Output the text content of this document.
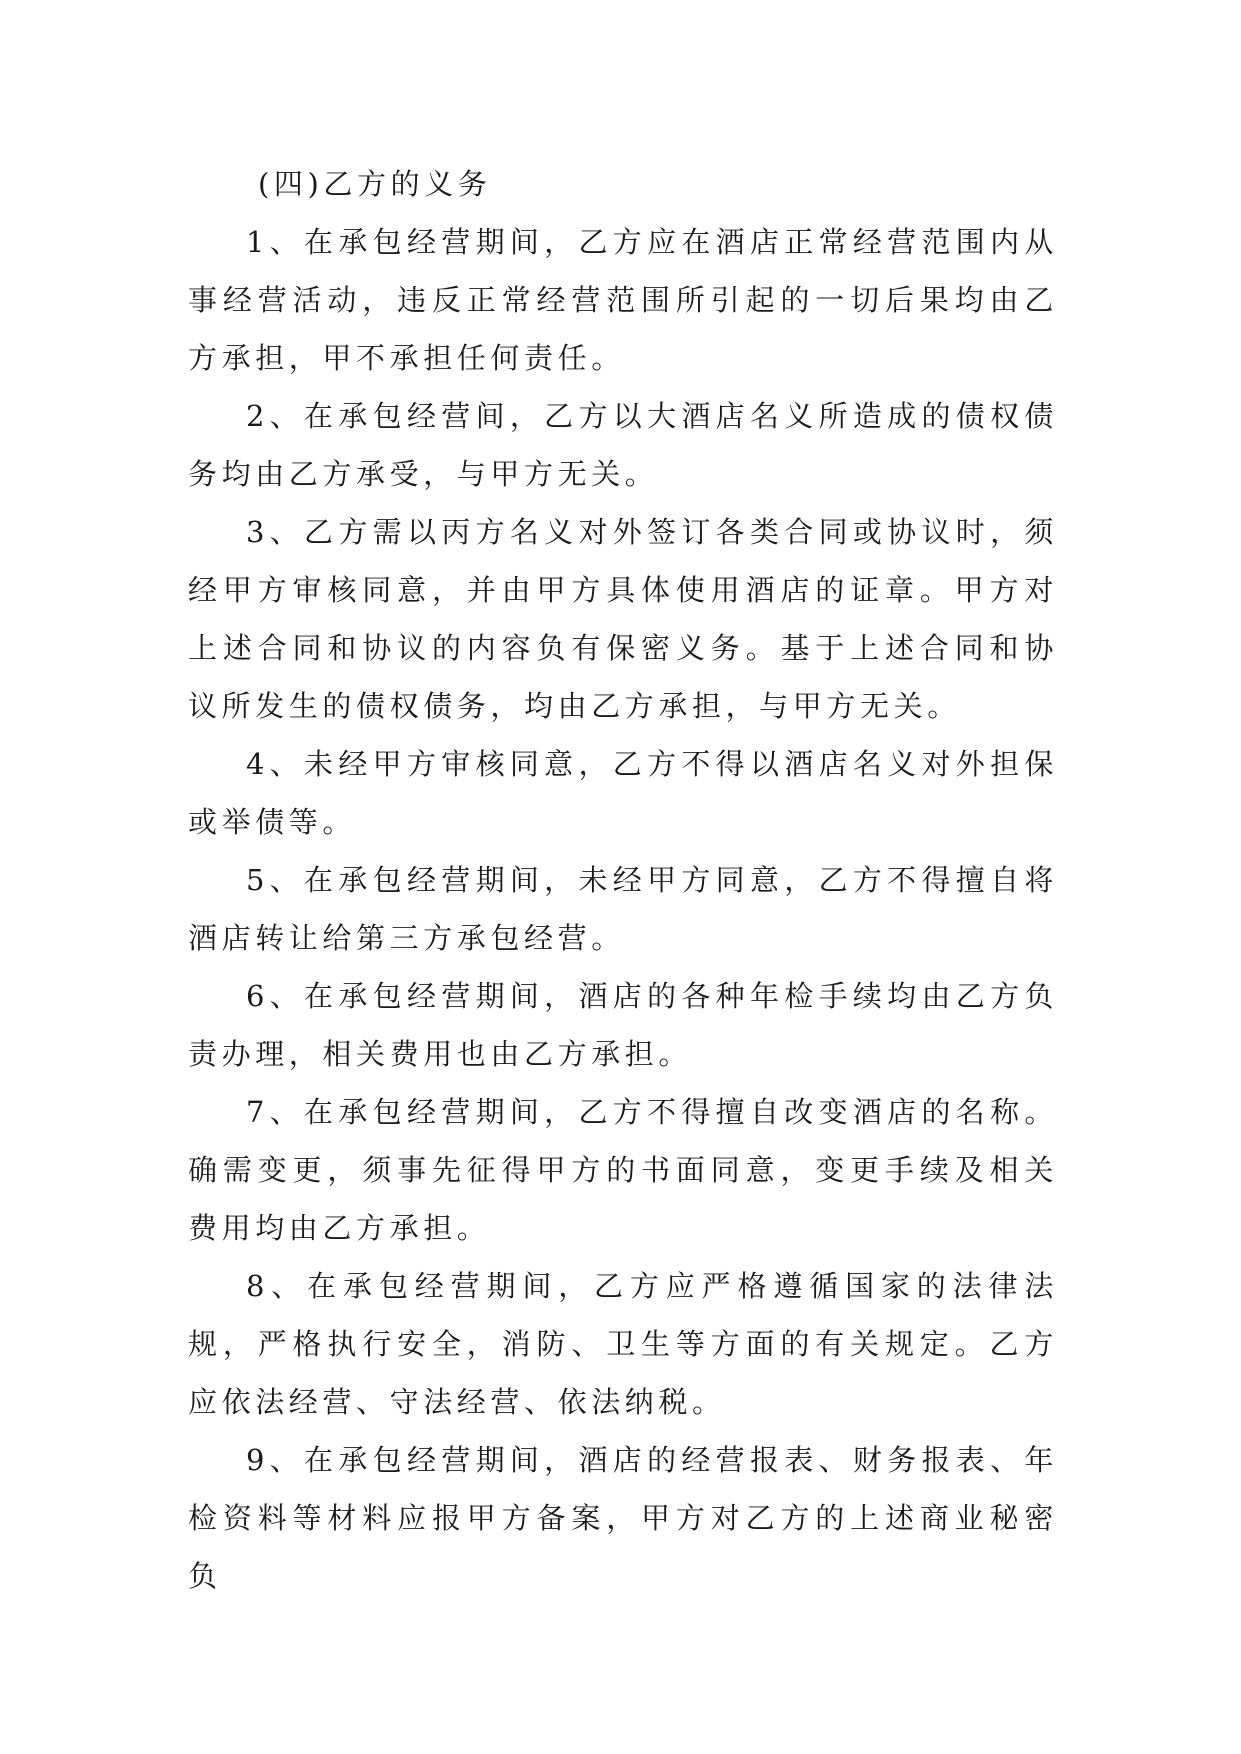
(四)乙方的义务

1、在承包经营期间，乙方应在酒店正常经营范围内从事经营活动，违反正常经营范围所引起的一切后果均由乙方承担，甲不承担任何责任。

2、在承包经营间，乙方以大酒店名义所造成的债权债务均由乙方承受，与甲方无关。

3、乙方需以丙方名义对外签订各类合同或协议时，须经甲方审核同意，并由甲方具体使用酒店的证章。甲方对上述合同和协议的内容负有保密义务。基于上述合同和协议所发生的债权债务，均由乙方承担，与甲方无关。

4、未经甲方审核同意，乙方不得以酒店名义对外担保或举债等。

5、在承包经营期间，未经甲方同意，乙方不得擅自将酒店转让给第三方承包经营。

6、在承包经营期间，酒店的各种年检手续均由乙方负责办理，相关费用也由乙方承担。

7、在承包经营期间，乙方不得擅自改变酒店的名称。确需变更，须事先征得甲方的书面同意，变更手续及相关费用均由乙方承担。

8、在承包经营期间，乙方应严格遵循国家的法律法规，严格执行安全，消防、卫生等方面的有关规定。乙方应依法经营、守法经营、依法纳税。

9、在承包经营期间，酒店的经营报表、财务报表、年检资料等材料应报甲方备案，甲方对乙方的上述商业秘密负
